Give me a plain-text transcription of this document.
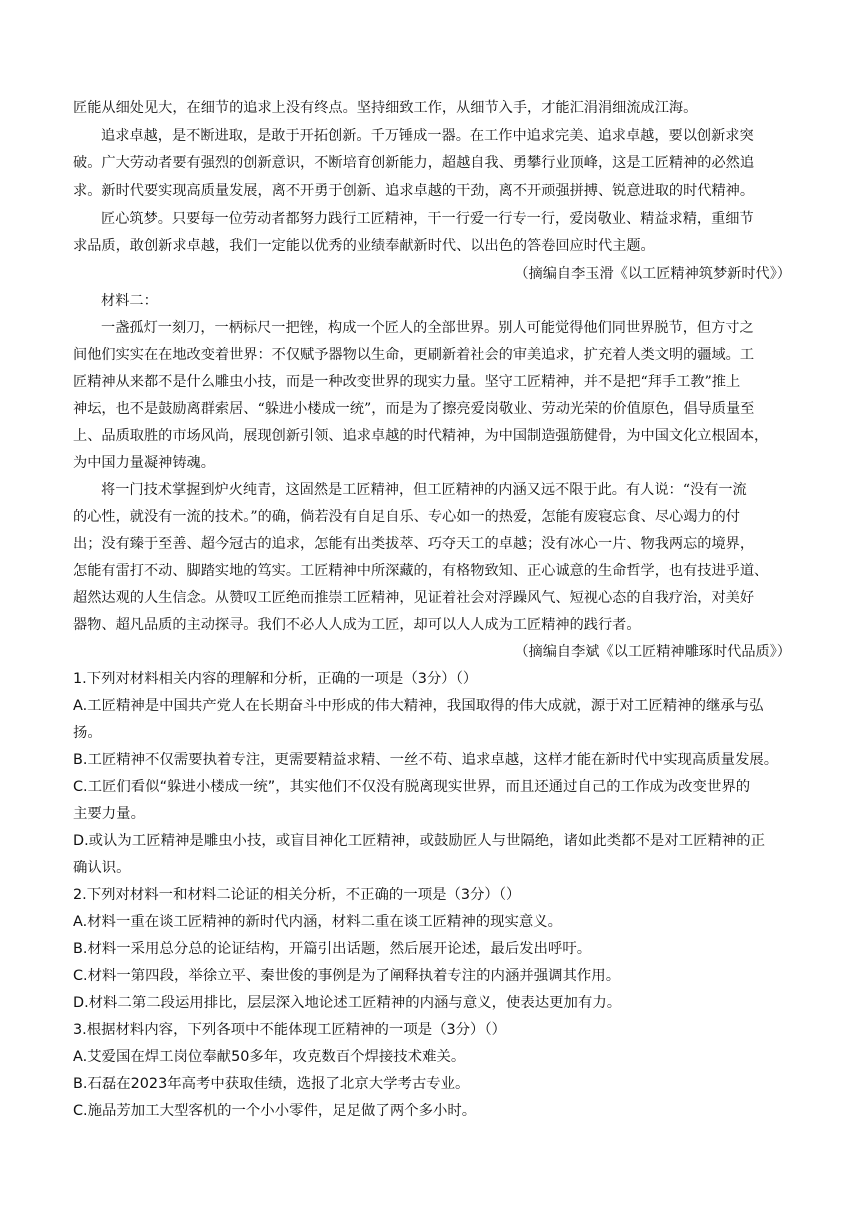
匠能从细处见大，在细节的追求上没有终点。坚持细致工作，从细节入手，才能汇涓涓细流成江海。
追求卓越，是不断进取，是敢于开拓创新。千万锤成一器。在工作中追求完美、追求卓越，要以创新求突
破。广大劳动者要有强烈的创新意识，不断培育创新能力，超越自我、勇攀行业顶峰，这是工匠精神的必然追
求。新时代要实现高质量发展，离不开勇于创新、追求卓越的干劲，离不开顽强拼搏、锐意进取的时代精神。
匠心筑梦。只要每一位劳动者都努力践行工匠精神，干一行爱一行专一行，爱岗敬业、精益求精，重细节
求品质，敢创新求卓越，我们一定能以优秀的业绩奉献新时代、以出色的答卷回应时代主题。
（摘编自李玉滑《以工匠精神筑梦新时代》）
材料二：
一盏孤灯一刻刀，一柄标尺一把锉，构成一个匠人的全部世界。别人可能觉得他们同世界脱节，但方寸之
间他们实实在在地改变着世界：不仅赋予器物以生命，更刷新着社会的审美追求，扩充着人类文明的疆域。工
匠精神从来都不是什么雕虫小技，而是一种改变世界的现实力量。坚守工匠精神，并不是把“拜手工教”推上
神坛，也不是鼓励离群索居、“躲进小楼成一统”，而是为了擦亮爱岗敬业、劳动光荣的价值原色，倡导质量至
上、品质取胜的市场风尚，展现创新引领、追求卓越的时代精神，为中国制造强筋健骨，为中国文化立根固本，
为中国力量凝神铸魂。
将一门技术掌握到炉火纯青，这固然是工匠精神，但工匠精神的内涵又远不限于此。有人说：“没有一流
的心性，就没有一流的技术。”的确，倘若没有自足自乐、专心如一的热爱，怎能有废寝忘食、尽心竭力的付
出；没有臻于至善、超今冠古的追求，怎能有出类拔萃、巧夺天工的卓越；没有冰心一片、物我两忘的境界，
怎能有雷打不动、脚踏实地的笃实。工匠精神中所深藏的，有格物致知、正心诚意的生命哲学，也有技进乎道、
超然达观的人生信念。从赞叹工匠绝而推崇工匠精神，见证着社会对浮躁风气、短视心态的自我疗治，对美好
器物、超凡品质的主动探寻。我们不必人人成为工匠，却可以人人成为工匠精神的践行者。
（摘编自李斌《以工匠精神雕琢时代品质》）
1.下列对材料相关内容的理解和分析，正确的一项是（3分）（）
A.工匠精神是中国共产党人在长期奋斗中形成的伟大精神，我国取得的伟大成就，源于对工匠精神的继承与弘
扬。
B.工匠精神不仅需要执着专注，更需要精益求精、一丝不苟、追求卓越，这样才能在新时代中实现高质量发展。
C.工匠们看似“躲进小楼成一统”，其实他们不仅没有脱离现实世界，而且还通过自己的工作成为改变世界的
主要力量。
D.或认为工匠精神是雕虫小技，或盲目神化工匠精神，或鼓励匠人与世隔绝，诸如此类都不是对工匠精神的正
确认识。
2.下列对材料一和材料二论证的相关分析，不正确的一项是（3分）（）
A.材料一重在谈工匠精神的新时代内涵，材料二重在谈工匠精神的现实意义。
B.材料一采用总分总的论证结构，开篇引出话题，然后展开论述，最后发出呼吁。
C.材料一第四段，举徐立平、秦世俊的事例是为了阐释执着专注的内涵并强调其作用。
D.材料二第二段运用排比，层层深入地论述工匠精神的内涵与意义，使表达更加有力。
3.根据材料内容，下列各项中不能体现工匠精神的一项是（3分）（）
A.艾爱国在焊工岗位奉献50多年，攻克数百个焊接技术难关。
B.石磊在2023年高考中获取佳绩，选报了北京大学考古专业。
C.施品芳加工大型客机的一个小小零件，足足做了两个多小时。
